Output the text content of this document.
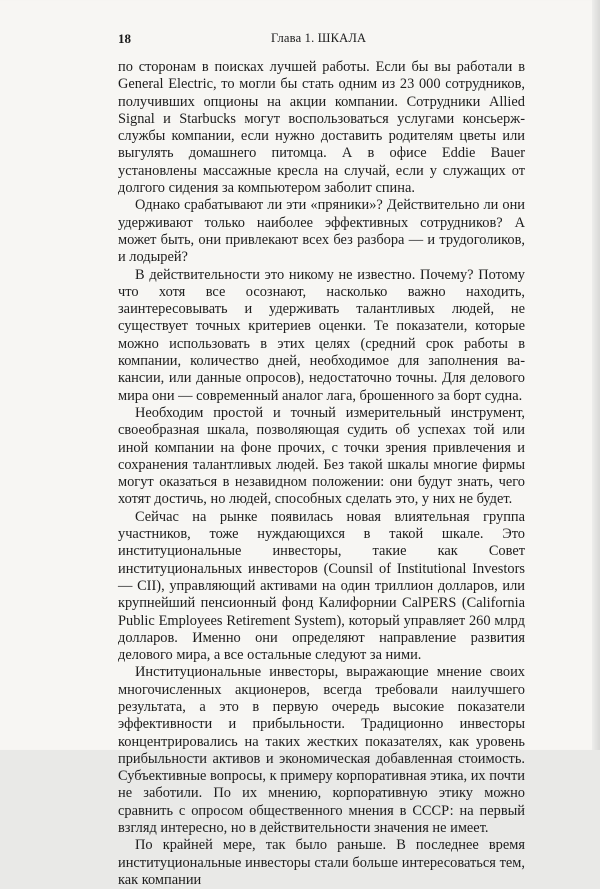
18	Глава 1. ШКАЛА

по сторонам в поисках лучшей работы. Если бы вы работали в General Electric, то могли бы стать одним из 23 000 сотрудников, получивших опционы на акции компании. Сотрудники Allied Signal и Starbucks могут воспользоваться услугами консьерж-службы компании, если нужно доставить родителям цветы или выгулять домашнего питомца. А в офисе Eddie Bauer установлены массажные кресла на случай, если у служащих от долгого сидения за компьютером заболит спина.

Однако срабатывают ли эти «пряники»? Действительно ли они удерживают только наиболее эффективных сотрудников? А может быть, они привлекают всех без разбора — и трудоголиков, и лодырей?

В действительности это никому не известно. Почему? Потому что хотя все осознают, насколько важно находить, заинтересовывать и удерживать талантливых людей, не существует точных критериев оценки. Те показатели, которые можно использовать в этих целях (средний срок работы в компании, количество дней, необходимое для заполнения вакансии, или данные опросов), недостаточно точны. Для делового мира они — современный аналог лага, брошенного за борт судна.

Необходим простой и точный измерительный инструмент, своеобразная шкала, позволяющая судить об успехах той или иной компании на фоне прочих, с точки зрения привлечения и сохранения талантливых людей. Без такой шкалы многие фирмы могут оказаться в незавидном положении: они будут знать, чего хотят достичь, но людей, способных сделать это, у них не будет.

Сейчас на рынке появилась новая влиятельная группа участников, тоже нуждающихся в такой шкале. Это институциональные инвесторы, такие как Совет институциональных инвесторов (Counsil of Institutional Investors — CII), управляющий активами на один триллион долларов, или крупнейший пенсионный фонд Калифорнии CalPERS (California Public Employees Retirement System), который управляет 260 млрд долларов. Именно они определяют направление развития делового мира, а все остальные следуют за ними.

Институциональные инвесторы, выражающие мнение своих многочисленных акционеров, всегда требовали наилучшего результата, а это в первую очередь высокие показатели эффективности и прибыльности. Традиционно инвесторы концентрировались на таких жестких показателях, как уровень прибыльности активов и экономическая добавленная стоимость. Субъективные вопросы, к примеру корпоративная этика, их почти не заботили. По их мнению, корпоративную этику можно сравнить с опросом общественного мнения в СССР: на первый взгляд интересно, но в действительности значения не имеет.

По крайней мере, так было раньше. В последнее время институциональные инвесторы стали больше интересоваться тем, как компании
